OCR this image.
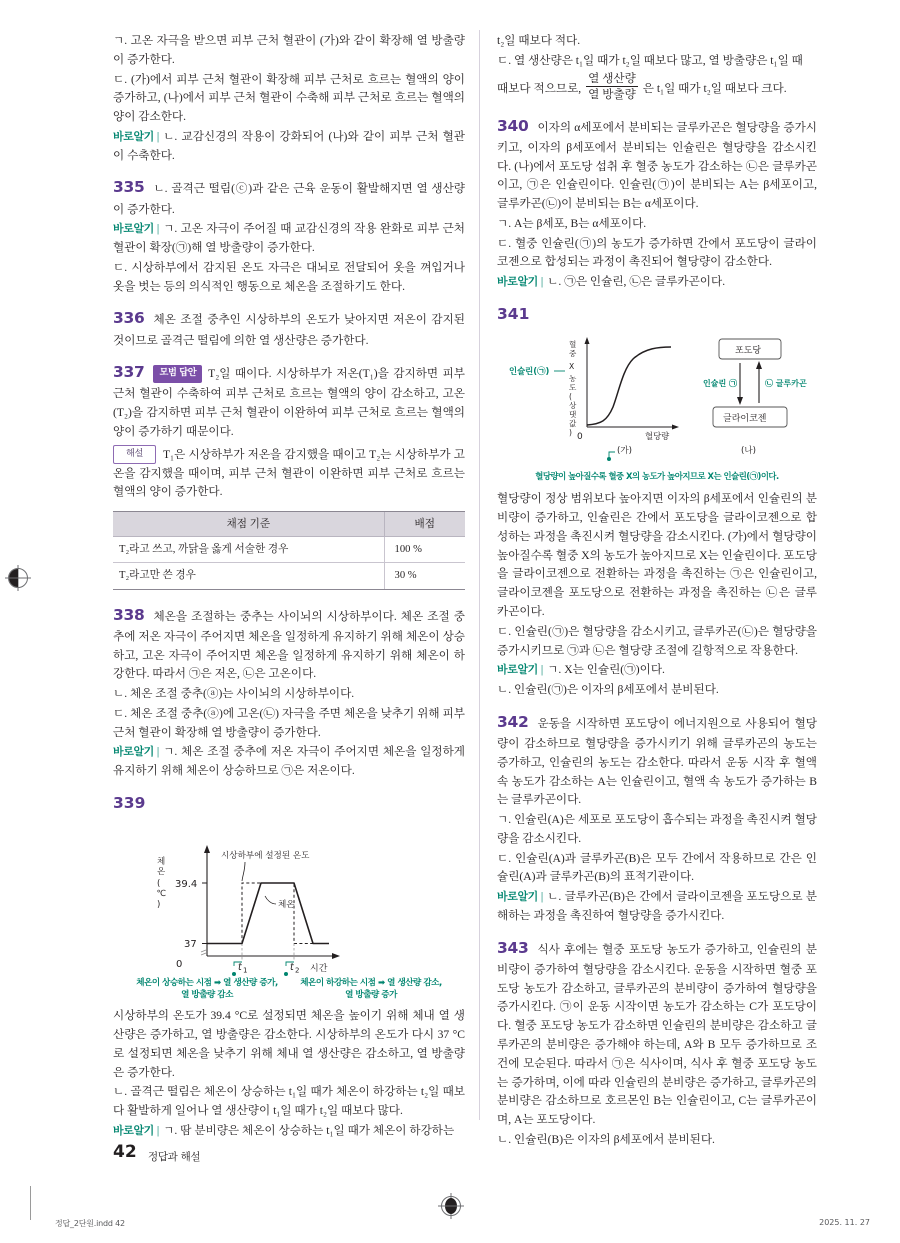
ㄱ. 고온 자극을 받으면 피부 근처 혈관이 (가)와 같이 확장해 열 방출량이 증가한다.

ㄷ. (가)에서 피부 근처 혈관이 확장해 피부 근처로 흐르는 혈액의 양이 증가하고, (나)에서 피부 근처 혈관이 수축해 피부 근처로 흐르는 혈액의 양이 감소한다.

바로알기 | ㄴ. 교감신경의 작용이 강화되어 (나)와 같이 피부 근처 혈관이 수축한다.

335 ㄴ. 골격근 떨림(ⓒ)과 같은 근육 운동이 활발해지면 열 생산량이 증가한다.

바로알기 | ㄱ. 고온 자극이 주어질 때 교감신경의 작용 완화로 피부 근처 혈관이 확장(㉠)해 열 방출량이 증가한다.

ㄷ. 시상하부에서 감지된 온도 자극은 대뇌로 전달되어 옷을 껴입거나 옷을 벗는 등의 의식적인 행동으로 체온을 조절하기도 한다.

336 체온 조절 중추인 시상하부의 온도가 낮아지면 저온이 감지된 것이므로 골격근 떨림에 의한 열 생산량은 증가한다.

337 모범 답안 T₂일 때이다. 시상하부가 저온(T₁)을 감지하면 피부 근처 혈관이 수축하여 피부 근처로 흐르는 혈액의 양이 감소하고, 고온(T₂)을 감지하면 피부 근처 혈관이 이완하여 피부 근처로 흐르는 혈액의 양이 증가하기 때문이다.

해설 T₁은 시상하부가 저온을 감지했을 때이고 T₂는 시상하부가 고온을 감지했을 때이며, 피부 근처 혈관이 이완하면 피부 근처로 흐르는 혈액의 양이 증가한다.

채점 기준	배점
T₂라고 쓰고, 까닭을 옳게 서술한 경우	100 %
T₂라고만 쓴 경우	30 %

338 체온을 조절하는 중추는 사이뇌의 시상하부이다. 체온 조절 중추에 저온 자극이 주어지면 체온을 일정하게 유지하기 위해 체온이 상승하고, 고온 자극이 주어지면 체온을 일정하게 유지하기 위해 체온이 하강한다. 따라서 ㉠은 저온, ㉡은 고온이다.

ㄴ. 체온 조절 중추(ⓐ)는 사이뇌의 시상하부이다.

ㄷ. 체온 조절 중추(ⓐ)에 고온(㉡) 자극을 주면 체온을 낮추기 위해 피부 근처 혈관이 확장해 열 방출량이 증가한다.

바로알기 | ㄱ. 체온 조절 중추에 저온 자극이 주어지면 체온을 일정하게 유지하기 위해 체온이 상승하므로 ㉠은 저온이다.

339

체
온
(
℃
)
39.4
37
0
시상하부에 설정된 온도
체온
t 1	t 2 시간
체온이 상승하는 시점 ➡ 열 생산량 증가, 열 방출량 감소
체온이 하강하는 시점 ➡ 열 생산량 감소, 열 방출량 증가

시상하부의 온도가 39.4 °C로 설정되면 체온을 높이기 위해 체내 열 생산량은 증가하고, 열 방출량은 감소한다. 시상하부의 온도가 다시 37 °C로 설정되면 체온을 낮추기 위해 체내 열 생산량은 감소하고, 열 방출량은 증가한다.

ㄴ. 골격근 떨림은 체온이 상승하는 t₁일 때가 체온이 하강하는 t₂일 때보다 활발하게 일어나 열 생산량이 t₁일 때가 t₂일 때보다 많다.

바로알기 | ㄱ. 땀 분비량은 체온이 상승하는 t₁일 때가 체온이 하강하는

t₂일 때보다 적다.

ㄷ. 열 생산량은 t₁일 때가 t₂일 때보다 많고, 열 방출량은 t₁일 때

때보다 적으므로, $\frac{\text{열 생산량}}{\text{열 방출량}}$ 은 t₁일 때가 t₂일 때보다 크다.

340 이자의 α세포에서 분비되는 글루카곤은 혈당량을 증가시키고, 이자의 β세포에서 분비되는 인슐린은 혈당량을 감소시킨다. (나)에서 포도당 섭취 후 혈중 농도가 감소하는 ㉡은 글루카곤이고, ㉠은 인슐린이다. 인슐린(㉠)이 분비되는 A는 β세포이고, 글루카곤(㉡)이 분비되는 B는 α세포이다.

ㄱ. A는 β세포, B는 α세포이다.

ㄷ. 혈중 인슐린(㉠)의 농도가 증가하면 간에서 포도당이 글라이코젠으로 합성되는 과정이 촉진되어 혈당량이 감소한다.

바로알기 | ㄴ. ㉠은 인슐린, ㉡은 글루카곤이다.

341

인슐린(㉠)
혈
중
X
농
도
(
상
댓
값
) 0	혈당량
(가)
포도당
글라이코젠
인슐린 ㉠	㉡ 글루카곤
(나)

혈당량이 높아질수록 혈중 X의 농도가 높아지므로 X는 인슐린(㉠)이다.

혈당량이 정상 범위보다 높아지면 이자의 β세포에서 인슐린의 분비량이 증가하고, 인슐린은 간에서 포도당을 글라이코젠으로 합성하는 과정을 촉진시켜 혈당량을 감소시킨다. (가)에서 혈당량이 높아질수록 혈중 X의 농도가 높아지므로 X는 인슐린이다. 포도당을 글라이코젠으로 전환하는 과정을 촉진하는 ㉠은 인슐린이고, 글라이코젠을 포도당으로 전환하는 과정을 촉진하는 ㉡은 글루카곤이다.

ㄷ. 인슐린(㉠)은 혈당량을 감소시키고, 글루카곤(㉡)은 혈당량을 증가시키므로 ㉠과 ㉡은 혈당량 조절에 길항적으로 작용한다.

바로알기 | ㄱ. X는 인슐린(㉠)이다.

ㄴ. 인슐린(㉠)은 이자의 β세포에서 분비된다.

342 운동을 시작하면 포도당이 에너지원으로 사용되어 혈당량이 감소하므로 혈당량을 증가시키기 위해 글루카곤의 농도는 증가하고, 인슐린의 농도는 감소한다. 따라서 운동 시작 후 혈액 속 농도가 감소하는 A는 인슐린이고, 혈액 속 농도가 증가하는 B는 글루카곤이다.

ㄱ. 인슐린(A)은 세포로 포도당이 흡수되는 과정을 촉진시켜 혈당량을 감소시킨다.

ㄷ. 인슐린(A)과 글루카곤(B)은 모두 간에서 작용하므로 간은 인슐린(A)과 글루카곤(B)의 표적기관이다.

바로알기 | ㄴ. 글루카곤(B)은 간에서 글라이코젠을 포도당으로 분해하는 과정을 촉진하여 혈당량을 증가시킨다.

343 식사 후에는 혈중 포도당 농도가 증가하고, 인슐린의 분비량이 증가하여 혈당량을 감소시킨다. 운동을 시작하면 혈중 포도당 농도가 감소하고, 글루카곤의 분비량이 증가하여 혈당량을 증가시킨다. ㉠이 운동 시작이면 농도가 감소하는 C가 포도당이다. 혈중 포도당 농도가 감소하면 인슐린의 분비량은 감소하고 글루카곤의 분비량은 증가해야 하는데, A와 B 모두 증가하므로 조건에 모순된다. 따라서 ㉠은 식사이며, 식사 후 혈중 포도당 농도는 증가하며, 이에 따라 인슐린의 분비량은 증가하고, 글루카곤의 분비량은 감소하므로 호르몬인 B는 인슐린이고, C는 글루카곤이며, A는 포도당이다.

ㄴ. 인슐린(B)은 이자의 β세포에서 분비된다.

42 정답과 해설
정답_2단원.indd 42	2025. 11. 27
